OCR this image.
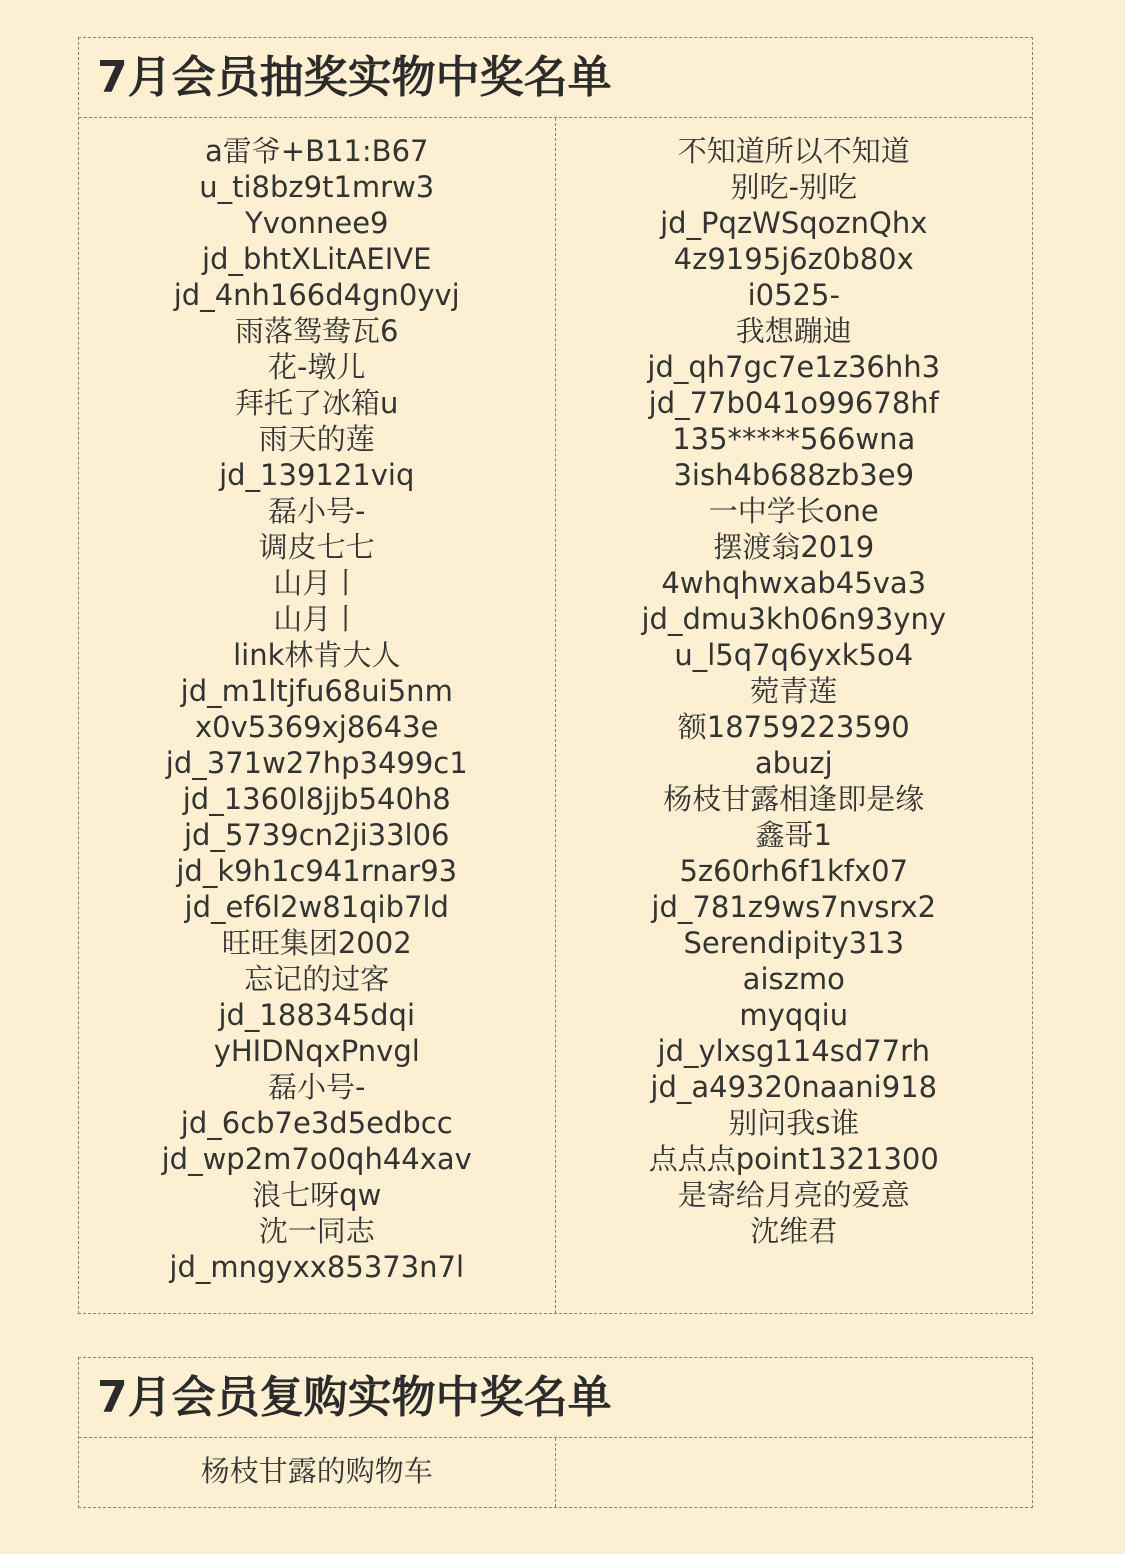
7月会员抽奖实物中奖名单
a雷爷+B11:B67
u_ti8bz9t1mrw3
Yvonnee9
jd_bhtXLitAEIVE
jd_4nh166d4gn0yvj
雨落鸳鸯瓦6
花-墩儿
拜托了冰箱u
雨天的莲
jd_139121viq
磊小号-
调皮七七
山月丨
山月丨
link林肯大人
jd_m1ltjfu68ui5nm
x0v5369xj8643e
jd_371w27hp3499c1
jd_1360l8jjb540h8
jd_5739cn2ji33l06
jd_k9h1c941rnar93
jd_ef6l2w81qib7ld
旺旺集团2002
忘记的过客
jd_188345dqi
yHIDNqxPnvgl
磊小号-
jd_6cb7e3d5edbcc
jd_wp2m7o0qh44xav
浪七呀qw
沈一同志
jd_mngyxx85373n7l
不知道所以不知道
别吃-别吃
jd_PqzWSqoznQhx
4z9195j6z0b80x
i0525-
我想蹦迪
jd_qh7gc7e1z36hh3
jd_77b041o99678hf
135*****566wna
3ish4b688zb3e9
一中学长one
摆渡翁2019
4whqhwxab45va3
jd_dmu3kh06n93yny
u_l5q7q6yxk5o4
菀青莲
额18759223590
abuzj
杨枝甘露相逢即是缘
鑫哥1
5z60rh6f1kfx07
jd_781z9ws7nvsrx2
Serendipity313
aiszmo
myqqiu
jd_ylxsg114sd77rh
jd_a49320naani918
别问我s谁
点点点point1321300
是寄给月亮的爱意
沈维君
7月会员复购实物中奖名单
杨枝甘露的购物车
